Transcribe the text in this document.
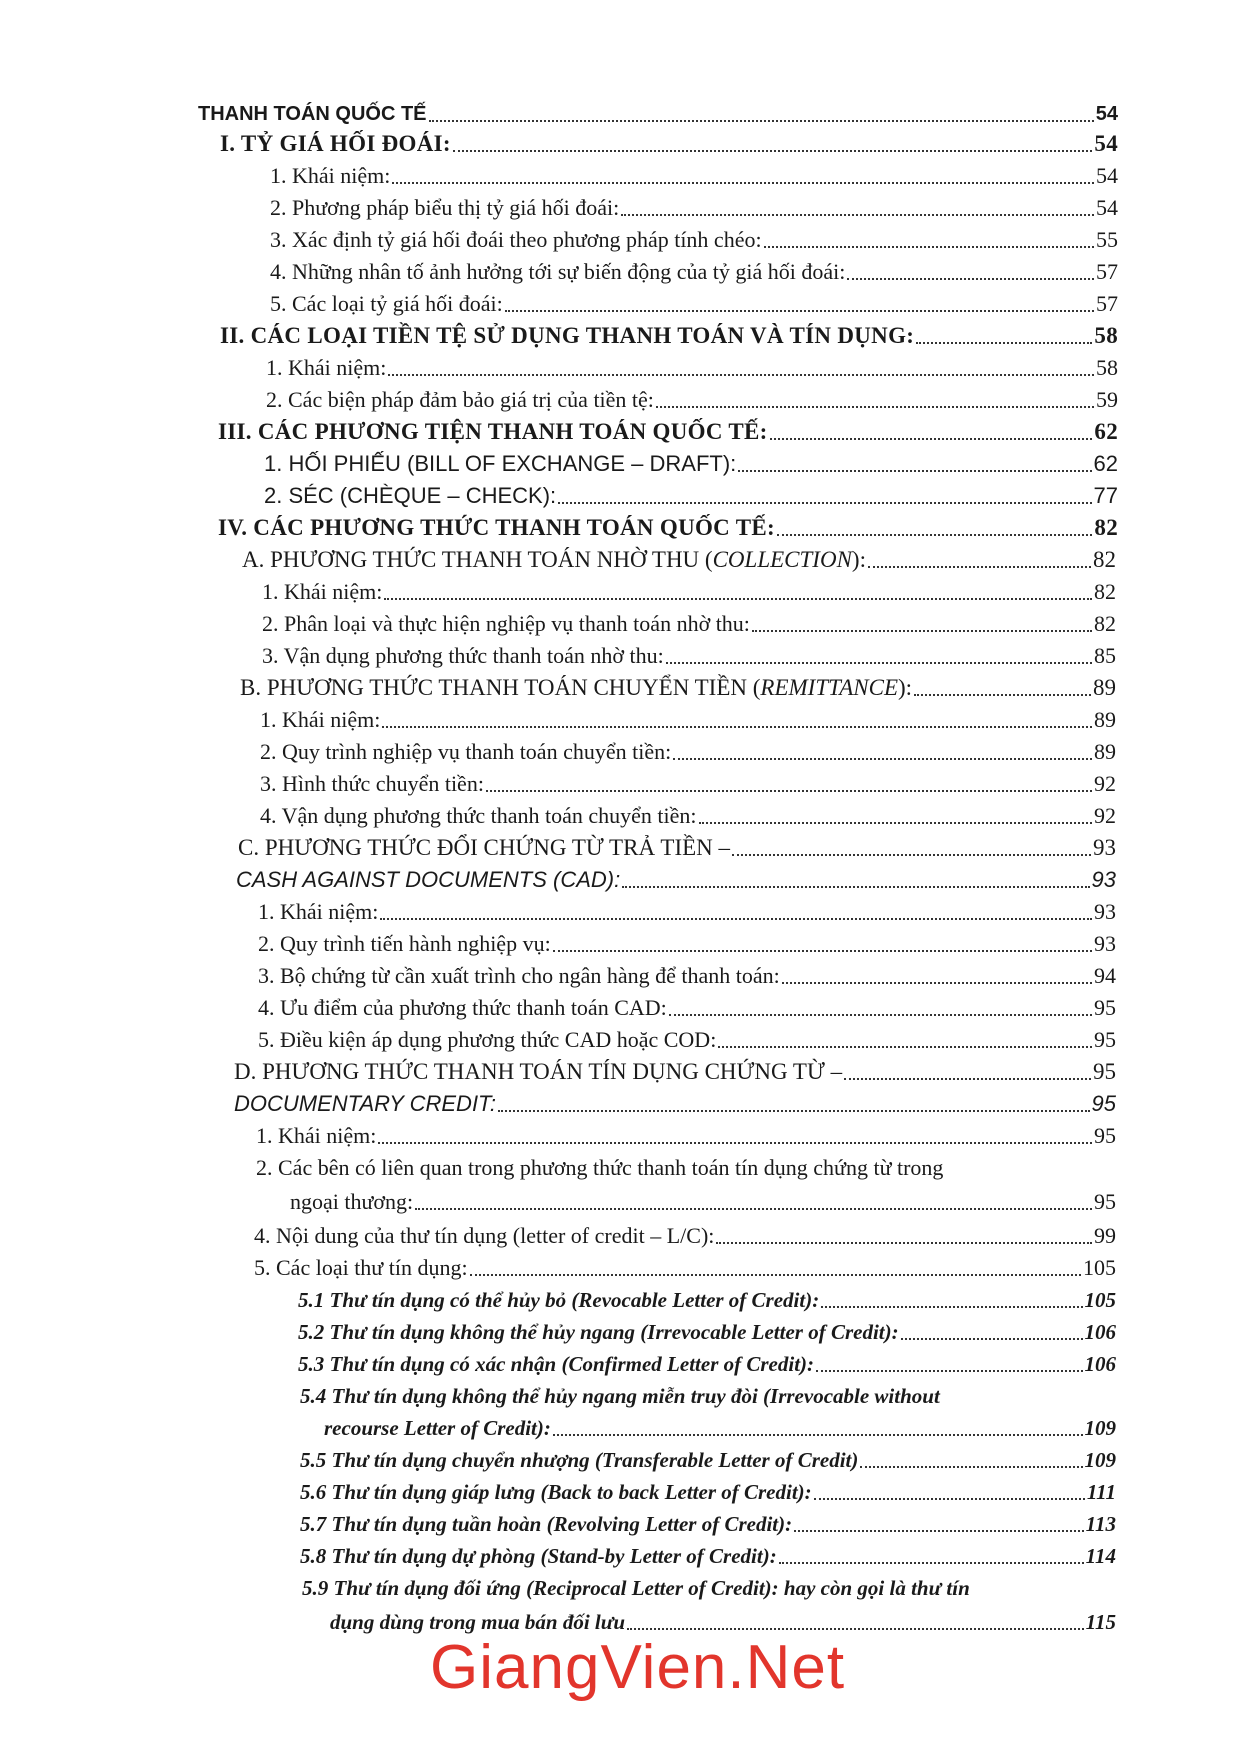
THANH TOÁN QUỐC TẾ	54
I. TỶ GIÁ HỐI ĐOÁI:	54
1. Khái niệm:	54
2. Phương pháp biểu thị tỷ giá hối đoái:	54
3. Xác định tỷ giá hối đoái theo phương pháp tính chéo:	55
4. Những nhân tố ảnh hưởng tới sự biến động của tỷ giá hối đoái:	57
5. Các loại tỷ giá hối đoái:	57
II. CÁC LOẠI TIỀN TỆ SỬ DỤNG THANH TOÁN VÀ TÍN DỤNG:	58
1. Khái niệm:	58
2. Các biện pháp đảm bảo giá trị của tiền tệ:	59
III. CÁC PHƯƠNG TIỆN THANH TOÁN QUỐC TẾ:	62
1. HỐI PHIẾU (BILL OF EXCHANGE – DRAFT):	62
2. SÉC (CHÈQUE – CHECK):	77
IV. CÁC PHƯƠNG THỨC THANH TOÁN QUỐC TẾ:	82
A. PHƯƠNG THỨC THANH TOÁN NHỜ THU (COLLECTION):	82
1. Khái niệm:	82
2. Phân loại và thực hiện nghiệp vụ thanh toán nhờ thu:	82
3. Vận dụng phương thức thanh toán nhờ thu:	85
B. PHƯƠNG THỨC THANH TOÁN CHUYỂN TIỀN (REMITTANCE):	89
1. Khái niệm:	89
2. Quy trình nghiệp vụ thanh toán chuyển tiền:	89
3. Hình thức chuyển tiền:	92
4. Vận dụng phương thức thanh toán chuyển tiền:	92
C. PHƯƠNG THỨC ĐỔI CHỨNG TỪ TRẢ TIỀN –	93
CASH AGAINST DOCUMENTS (CAD):	93
1. Khái niệm:	93
2. Quy trình tiến hành nghiệp vụ:	93
3. Bộ chứng từ cần xuất trình cho ngân hàng để thanh toán:	94
4. Ưu điểm của phương thức thanh toán CAD:	95
5. Điều kiện áp dụng phương thức CAD hoặc COD:	95
D. PHƯƠNG THỨC THANH TOÁN TÍN DỤNG CHỨNG TỪ –	95
DOCUMENTARY CREDIT:	95
1. Khái niệm:	95
2. Các bên có liên quan trong phương thức thanh toán tín dụng chứng từ trong
ngoại thương:	95
4. Nội dung của thư tín dụng (letter of credit – L/C):	99
5. Các loại thư tín dụng:	105
5.1 Thư tín dụng có thể hủy bỏ (Revocable Letter of Credit):	105
5.2 Thư tín dụng không thể hủy ngang (Irrevocable Letter of Credit):	106
5.3 Thư tín dụng có xác nhận (Confirmed Letter of Credit):	106
5.4 Thư tín dụng không thể hủy ngang miễn truy đòi (Irrevocable without
recourse Letter of Credit):	109
5.5 Thư tín dụng chuyển nhượng (Transferable Letter of Credit)	109
5.6 Thư tín dụng giáp lưng (Back to back Letter of Credit):	111
5.7 Thư tín dụng tuần hoàn (Revolving Letter of Credit):	113
5.8 Thư tín dụng dự phòng (Stand-by Letter of Credit):	114
5.9 Thư tín dụng đối ứng (Reciprocal Letter of Credit): hay còn gọi là thư tín
dụng dùng trong mua bán đối lưu	115
GiangVien.Net
